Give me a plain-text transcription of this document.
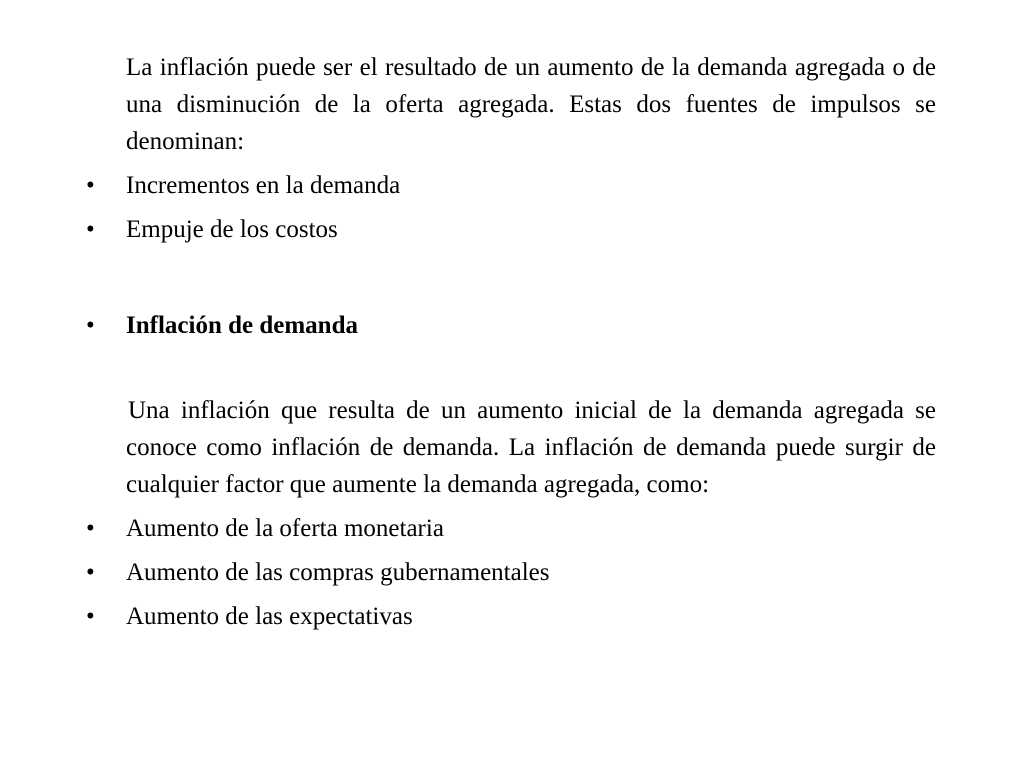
La inflación puede ser el resultado de un aumento de la demanda agregada o de una disminución de la oferta agregada. Estas dos fuentes de impulsos se denominan:

•	Incrementos en la demanda
•	Empuje de los costos
•	Inflación de demanda

Una inflación que resulta de un aumento inicial de la demanda agregada se conoce como inflación de demanda. La inflación de demanda puede surgir de cualquier factor que aumente la demanda agregada, como:

•	Aumento de la oferta monetaria
•	Aumento de las compras gubernamentales
•	Aumento de las expectativas
